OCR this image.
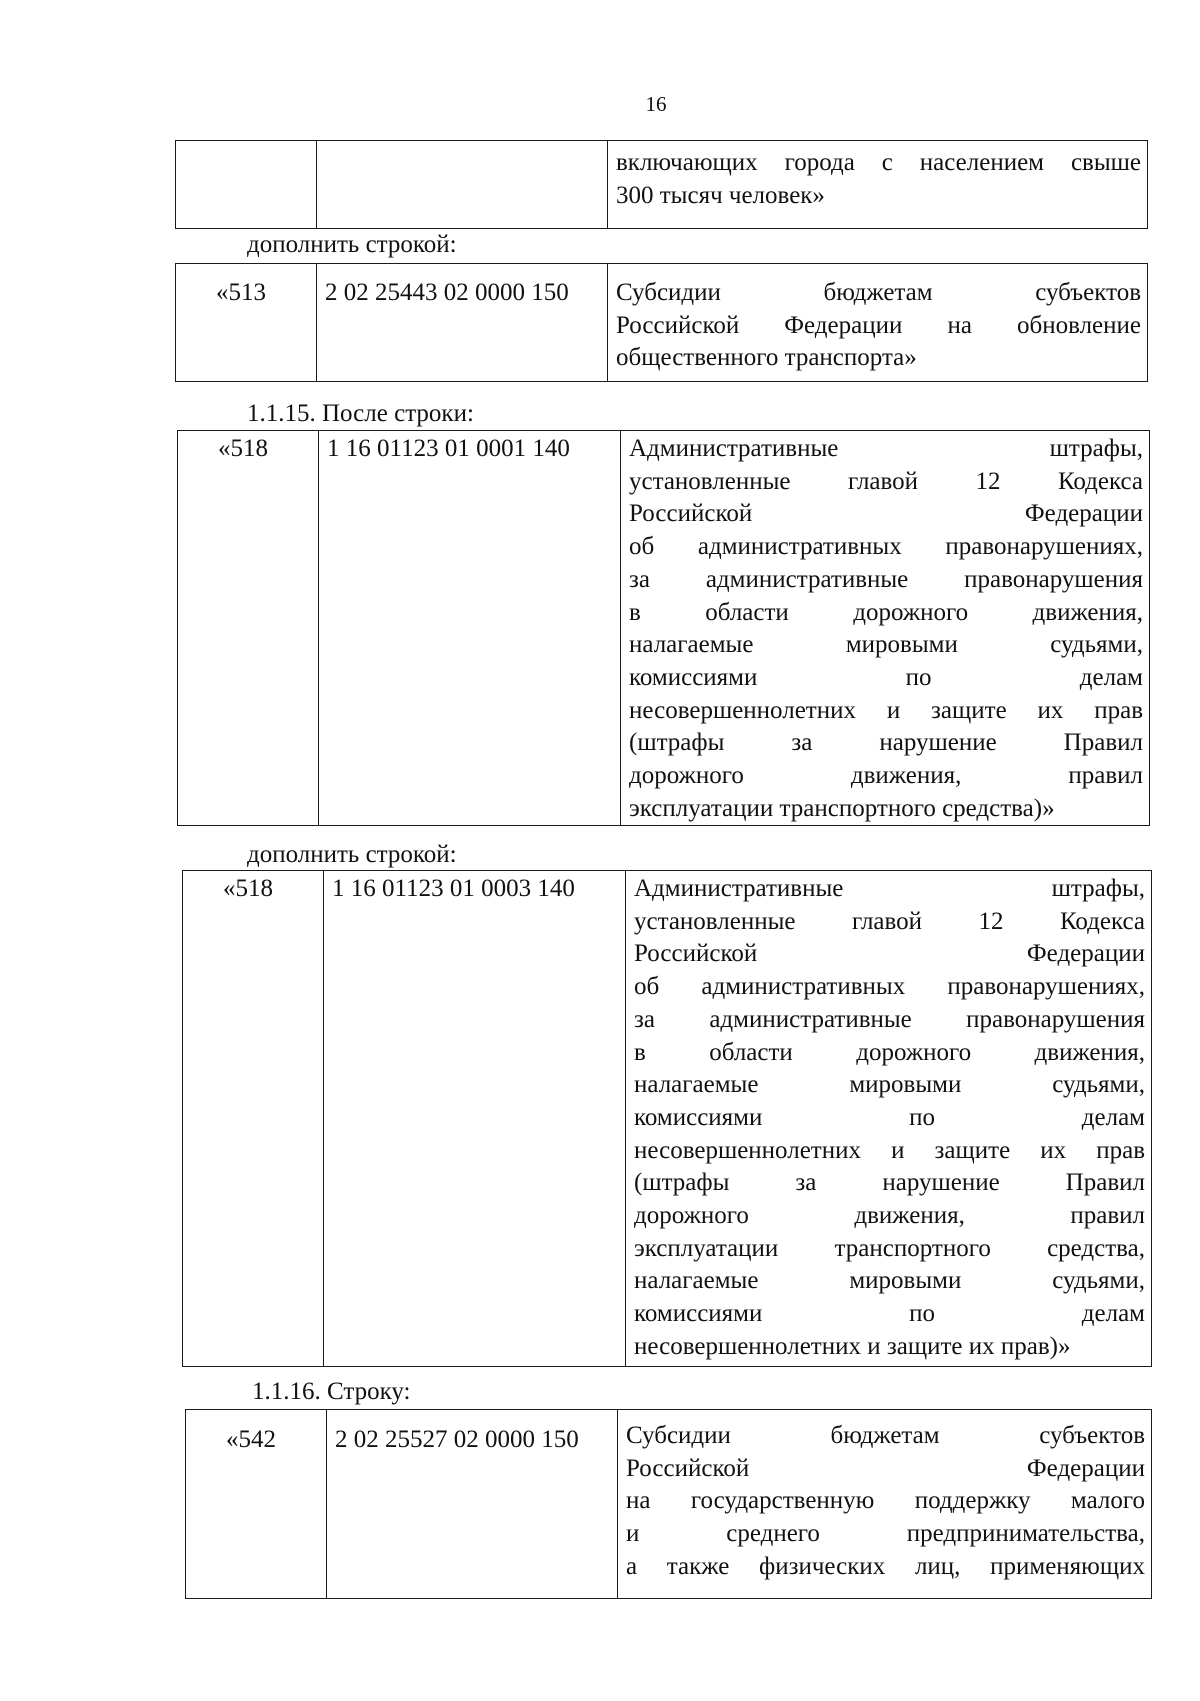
16

включающих города с населением свыше
300 тысяч человек»
дополнить строкой:
«513	2 02 25443 02 0000 150	Субсидии бюджетам субъектов
Российской Федерации на обновление
общественного транспорта»
1.1.15. После строки:
«518	1 16 01123 01 0001 140	Административные штрафы,
установленные главой 12 Кодекса
Российской Федерации
об административных правонарушениях,
за административные правонарушения
в области дорожного движения,
налагаемые мировыми судьями,
комиссиями по делам
несовершеннолетних и защите их прав
(штрафы за нарушение Правил
дорожного движения, правил
эксплуатации транспортного средства)»
дополнить строкой:
«518	1 16 01123 01 0003 140	Административные штрафы,
установленные главой 12 Кодекса
Российской Федерации
об административных правонарушениях,
за административные правонарушения
в области дорожного движения,
налагаемые мировыми судьями,
комиссиями по делам
несовершеннолетних и защите их прав
(штрафы за нарушение Правил
дорожного движения, правил
эксплуатации транспортного средства,
налагаемые мировыми судьями,
комиссиями по делам
несовершеннолетних и защите их прав)»
1.1.16. Строку:
«542	2 02 25527 02 0000 150	Субсидии бюджетам субъектов
Российской Федерации
на государственную поддержку малого
и среднего предпринимательства,
а также физических лиц, применяющих
